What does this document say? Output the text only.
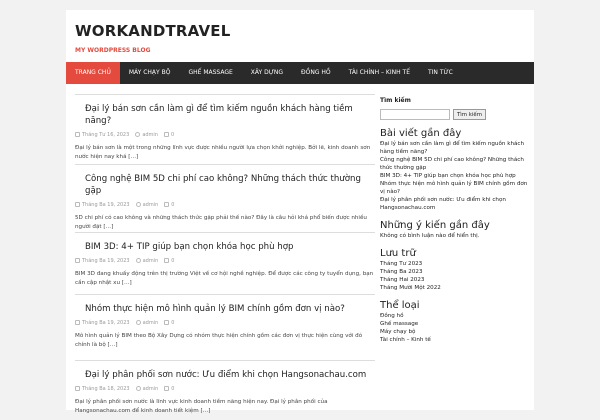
WORKANDTRAVEL
MY WORDPRESS BLOG
TRANG CHỦ	MÁY CHẠY BỘ	GHẾ MASSAGE	XÂY DỰNG	ĐỒNG HỒ	TÀI CHÍNH – KINH TẾ	TIN TỨC
Đại lý bán sơn cần làm gì để tìm kiếm nguồn khách hàng tiềm năng?
Tháng Tư 16, 2023	admin	0
Đại lý bán sơn là một trong những lĩnh vực được nhiều người lựa chọn khởi nghiệp. Bởi lẽ, kinh doanh sơn nước hiện nay khá […]
Công nghệ BIM 5D chi phí cao không? Những thách thức thường gặp
Tháng Ba 19, 2023	admin	0
5D chi phí có cao không và những thách thức gặp phải thế nào? Đây là câu hỏi khá phổ biến được nhiều người đặt […]
BIM 3D: 4+ TIP giúp bạn chọn khóa học phù hợp
Tháng Ba 19, 2023	admin	0
BIM 3D đang khuấy động trên thị trường Việt về cơ hội nghề nghiệp. Để được các công ty tuyển dụng, bạn cần cập nhật xu […]
Nhóm thực hiện mô hình quản lý BIM chính gồm đơn vị nào?
Tháng Ba 19, 2023	admin	0
Mô hình quản lý BIM theo Bộ Xây Dựng có nhóm thực hiện chính gồm các đơn vị thực hiện cùng với đó chính là bộ […]
Đại lý phân phối sơn nước: Ưu điểm khi chọn Hangsonachau.com
Tháng Ba 18, 2023	admin	0
Đại lý phân phối sơn nước là lĩnh vực kinh doanh tiềm năng hiện nay. Đại lý phân phối của Hangsonachau.com để kinh doanh tiết kiệm […]
Tìm kiếm
Tìm kiếm
Bài viết gần đây
Đại lý bán sơn cần làm gì để tìm kiếm nguồn khách hàng tiềm năng?
Công nghệ BIM 5D chi phí cao không? Những thách thức thường gặp
BIM 3D: 4+ TIP giúp bạn chọn khóa học phù hợp
Nhóm thực hiện mô hình quản lý BIM chính gồm đơn vị nào?
Đại lý phân phối sơn nước: Ưu điểm khi chọn Hangsonachau.com
Những ý kiến gần đây
Không có bình luận nào để hiển thị.
Lưu trữ
Tháng Tư 2023
Tháng Ba 2023
Tháng Hai 2023
Tháng Mười Một 2022
Thể loại
Đồng hồ
Ghế massage
Máy chạy bộ
Tài chính – Kinh tế
